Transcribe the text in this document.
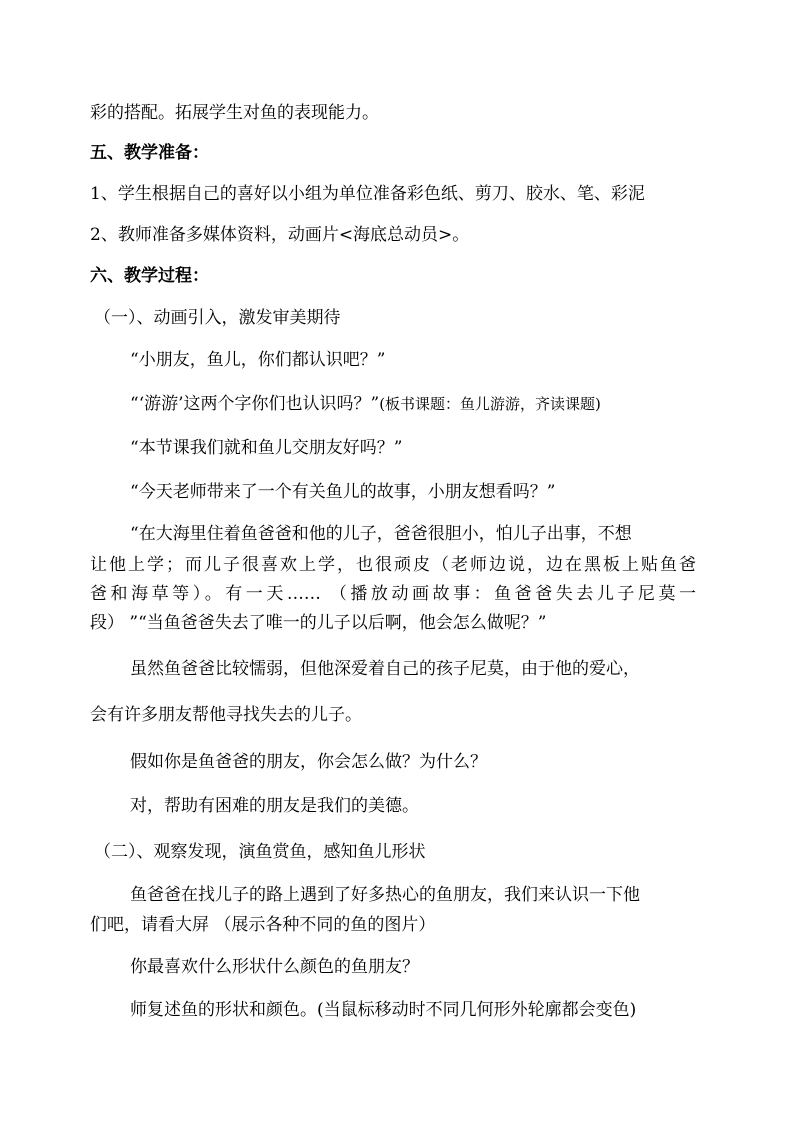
彩的搭配。拓展学生对鱼的表现能力。

五、教学准备：

1、学生根据自己的喜好以小组为单位准备彩色纸、剪刀、胶水、笔、彩泥

2、教师准备多媒体资料，动画片<海底总动员>。

六、教学过程：

（一）、动画引入，激发审美期待

“小朋友，鱼儿，你们都认识吧？”

“‘游游’这两个字你们也认识吗？”(板书课题：鱼儿游游，齐读课题)

“本节课我们就和鱼儿交朋友好吗？”

“今天老师带来了一个有关鱼儿的故事，小朋友想看吗？”

“在大海里住着鱼爸爸和他的儿子，爸爸很胆小，怕儿子出事，不想

让他上学；而儿子很喜欢上学，也很顽皮（老师边说，边在黑板上贴鱼爸

爸和海草等）。有一天…… （播放动画故事：鱼爸爸失去儿子尼莫一

段） ”“当鱼爸爸失去了唯一的儿子以后啊，他会怎么做呢？”

虽然鱼爸爸比较懦弱，但他深爱着自己的孩子尼莫，由于他的爱心，

会有许多朋友帮他寻找失去的儿子。

假如你是鱼爸爸的朋友，你会怎么做？为什么？

对，帮助有困难的朋友是我们的美德。

（二）、观察发现，演鱼赏鱼，感知鱼儿形状

鱼爸爸在找儿子的路上遇到了好多热心的鱼朋友，我们来认识一下他

们吧，请看大屏 （展示各种不同的鱼的图片）

你最喜欢什么形状什么颜色的鱼朋友？

师复述鱼的形状和颜色。(当鼠标移动时不同几何形外轮廓都会变色)
